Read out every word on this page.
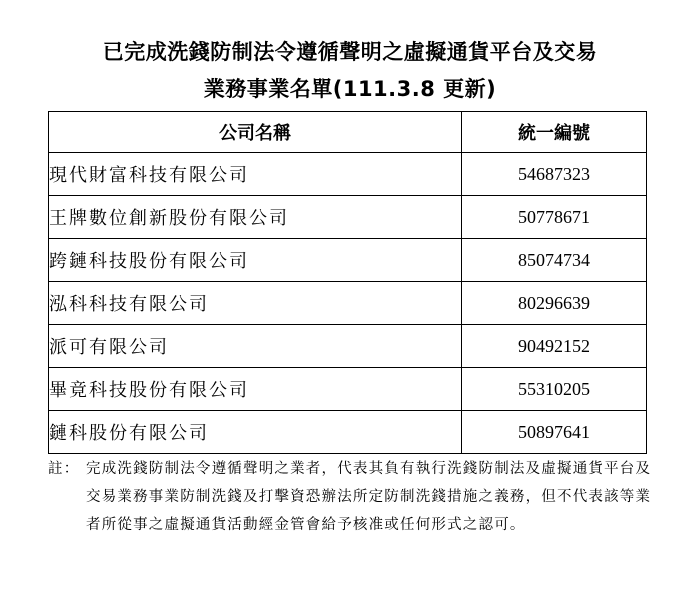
已完成洗錢防制法令遵循聲明之虛擬通貨平台及交易
業務事業名單(111.3.8 更新)
公司名稱	統一編號
現代財富科技有限公司	54687323
王牌數位創新股份有限公司	50778671
跨鏈科技股份有限公司	85074734
泓科科技有限公司	80296639
派可有限公司	90492152
畢竟科技股份有限公司	55310205
鏈科股份有限公司	50897641
註： 完成洗錢防制法令遵循聲明之業者，代表其負有執行洗錢防制法及虛擬通貨平台及交易業務事業防制洗錢及打擊資恐辦法所定防制洗錢措施之義務，但不代表該等業者所從事之虛擬通貨活動經金管會給予核准或任何形式之認可。
